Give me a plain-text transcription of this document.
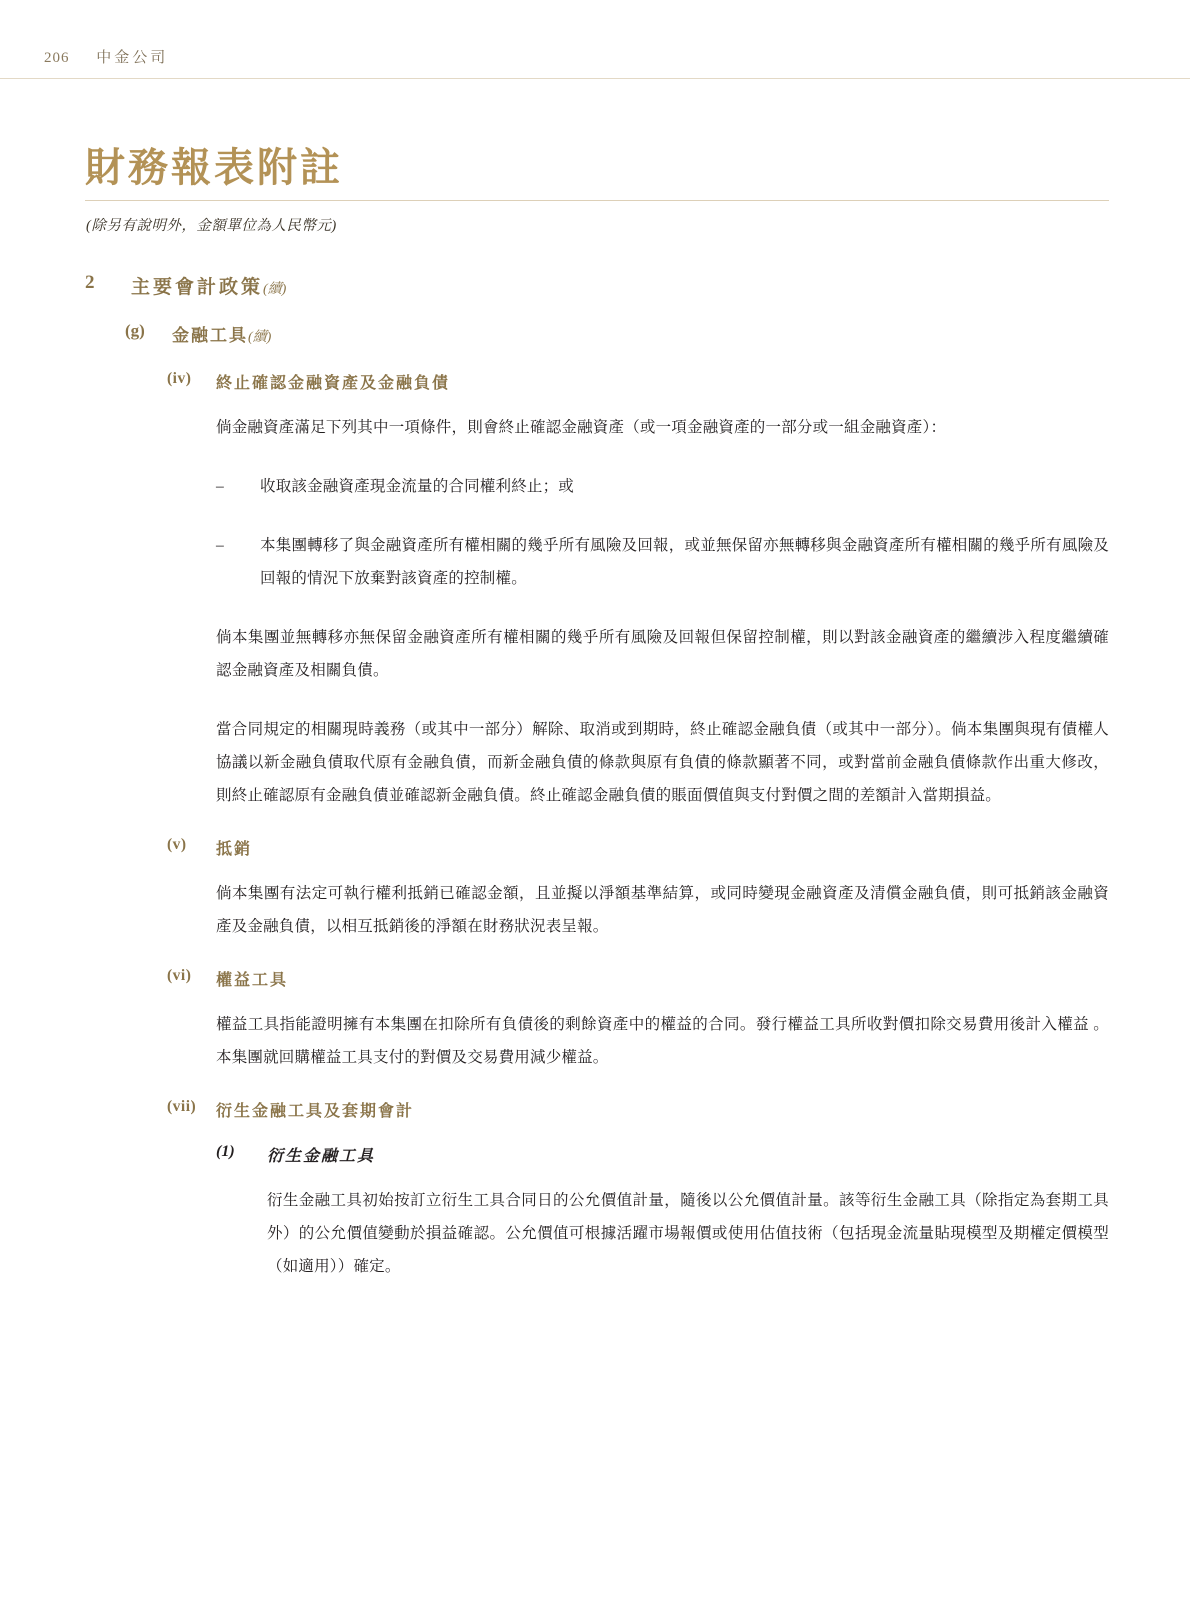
206 中金公司
財務報表附註
(除另有說明外，金額單位為人民幣元)
2	主要會計政策(續)
(g)	金融工具(續)
(iv)	終止確認金融資產及金融負債
倘金融資產滿足下列其中一項條件，則會終止確認金融資產（或一項金融資產的一部分或一組金融資產）：
–	收取該金融資產現金流量的合同權利終止；或
–	本集團轉移了與金融資產所有權相關的幾乎所有風險及回報，或並無保留亦無轉移與金融資產所有權相關的幾乎所有風險及回報的情況下放棄對該資產的控制權。
倘本集團並無轉移亦無保留金融資產所有權相關的幾乎所有風險及回報但保留控制權，則以對該金融資產的繼續涉入程度繼續確認金融資產及相關負債。
當合同規定的相關現時義務（或其中一部分）解除、取消或到期時，終止確認金融負債（或其中一部分）。倘本集團與現有債權人協議以新金融負債取代原有金融負債，而新金融負債的條款與原有負債的條款顯著不同，或對當前金融負債條款作出重大修改，則終止確認原有金融負債並確認新金融負債。終止確認金融負債的賬面價值與支付對價之間的差額計入當期損益。
(v)	抵銷
倘本集團有法定可執行權利抵銷已確認金額，且並擬以淨額基準結算，或同時變現金融資產及清償金融負債，則可抵銷該金融資產及金融負債，以相互抵銷後的淨額在財務狀況表呈報。
(vi)	權益工具
權益工具指能證明擁有本集團在扣除所有負債後的剩餘資產中的權益的合同。發行權益工具所收對價扣除交易費用後計入權益 。本集團就回購權益工具支付的對價及交易費用減少權益。
(vii)	衍生金融工具及套期會計
(1)	衍生金融工具
衍生金融工具初始按訂立衍生工具合同日的公允價值計量，隨後以公允價值計量。該等衍生金融工具（除指定為套期工具外）的公允價值變動於損益確認。公允價值可根據活躍市場報價或使用估值技術（包括現金流量貼現模型及期權定價模型（如適用））確定。
